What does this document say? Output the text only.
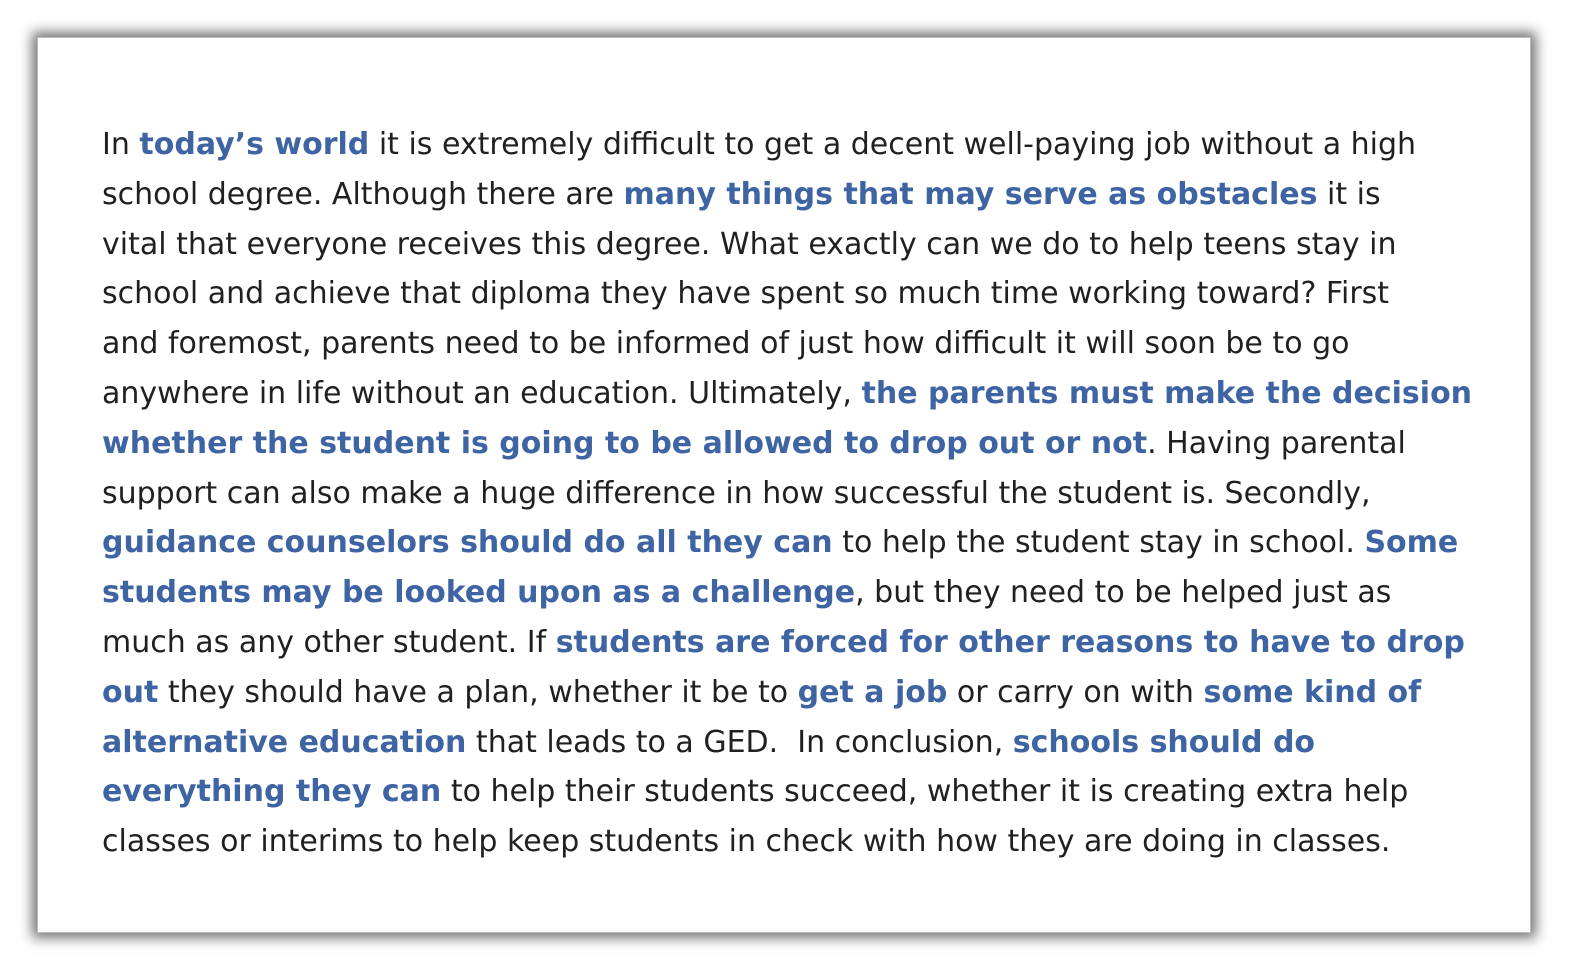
In today’s world it is extremely difficult to get a decent well-paying job without a high
school degree. Although there are many things that may serve as obstacles it is
vital that everyone receives this degree. What exactly can we do to help teens stay in
school and achieve that diploma they have spent so much time working toward? First
and foremost, parents need to be informed of just how difficult it will soon be to go
anywhere in life without an education. Ultimately, the parents must make the decision
whether the student is going to be allowed to drop out or not. Having parental
support can also make a huge difference in how successful the student is. Secondly,
guidance counselors should do all they can to help the student stay in school. Some
students may be looked upon as a challenge, but they need to be helped just as
much as any other student. If students are forced for other reasons to have to drop
out they should have a plan, whether it be to get a job or carry on with some kind of
alternative education that leads to a GED.  In conclusion, schools should do
everything they can to help their students succeed, whether it is creating extra help
classes or interims to help keep students in check with how they are doing in classes.
